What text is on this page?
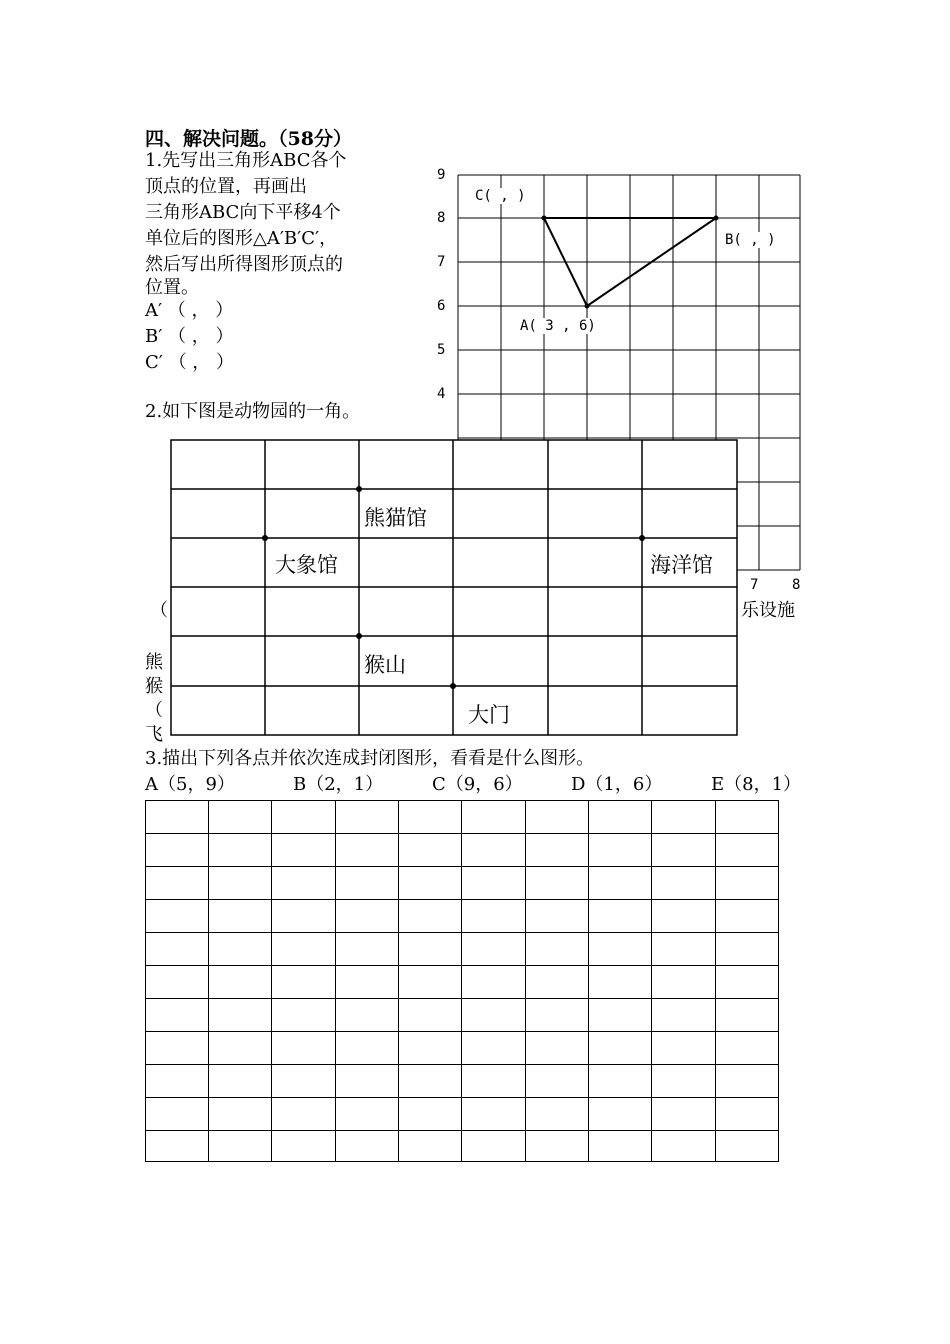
四、解决问题。（58分）
1.先写出三角形ABC各个
顶点的位置，再画出
三角形ABC向下平移4个
单位后的图形△A′B′C′，
然后写出所得图形顶点的
位置。
A′ （ ， ）
B′ （ ， ）
C′ （ ， ）
9
8
7
6
5
4
7 8
C( , )
B( , )
A( 3 , 6)
2.如下图是动物园的一角。
乐设施
（
熊
猴
（
飞
熊猫馆
大象馆	海洋馆
猴山
大门
3.描出下列各点并依次连成封闭图形，看看是什么图形。
A（5，9）	B（2，1）	C（9，6）	D（1，6）	E（8，1）
